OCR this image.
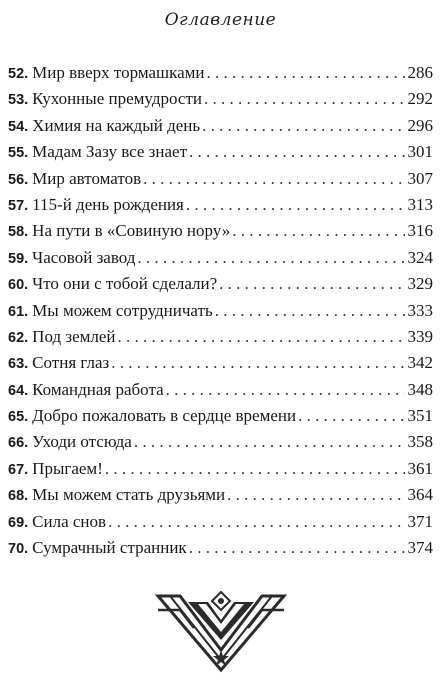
Оглавление
52. Мир вверх тормашками . . .	286
53. Кухонные премудрости . . .	292
54. Химия на каждый день . . .	296
55. Мадам Зазу все знает . . .	301
56. Мир автоматов . . .	307
57. 115-й день рождения . . .	313
58. На пути в «Совиную нору» . . .	316
59. Часовой завод . . .	324
60. Что они с тобой сделали? . . .	329
61. Мы можем сотрудничать . . .	333
62. Под землей . . .	339
63. Сотня глаз . . .	342
64. Командная работа . . .	348
65. Добро пожаловать в сердце времени . . .	351
66. Уходи отсюда . . .	358
67. Прыгаем! . . .	361
68. Мы можем стать друзьями . . .	364
69. Сила снов . . .	371
70. Сумрачный странник . . .	374
